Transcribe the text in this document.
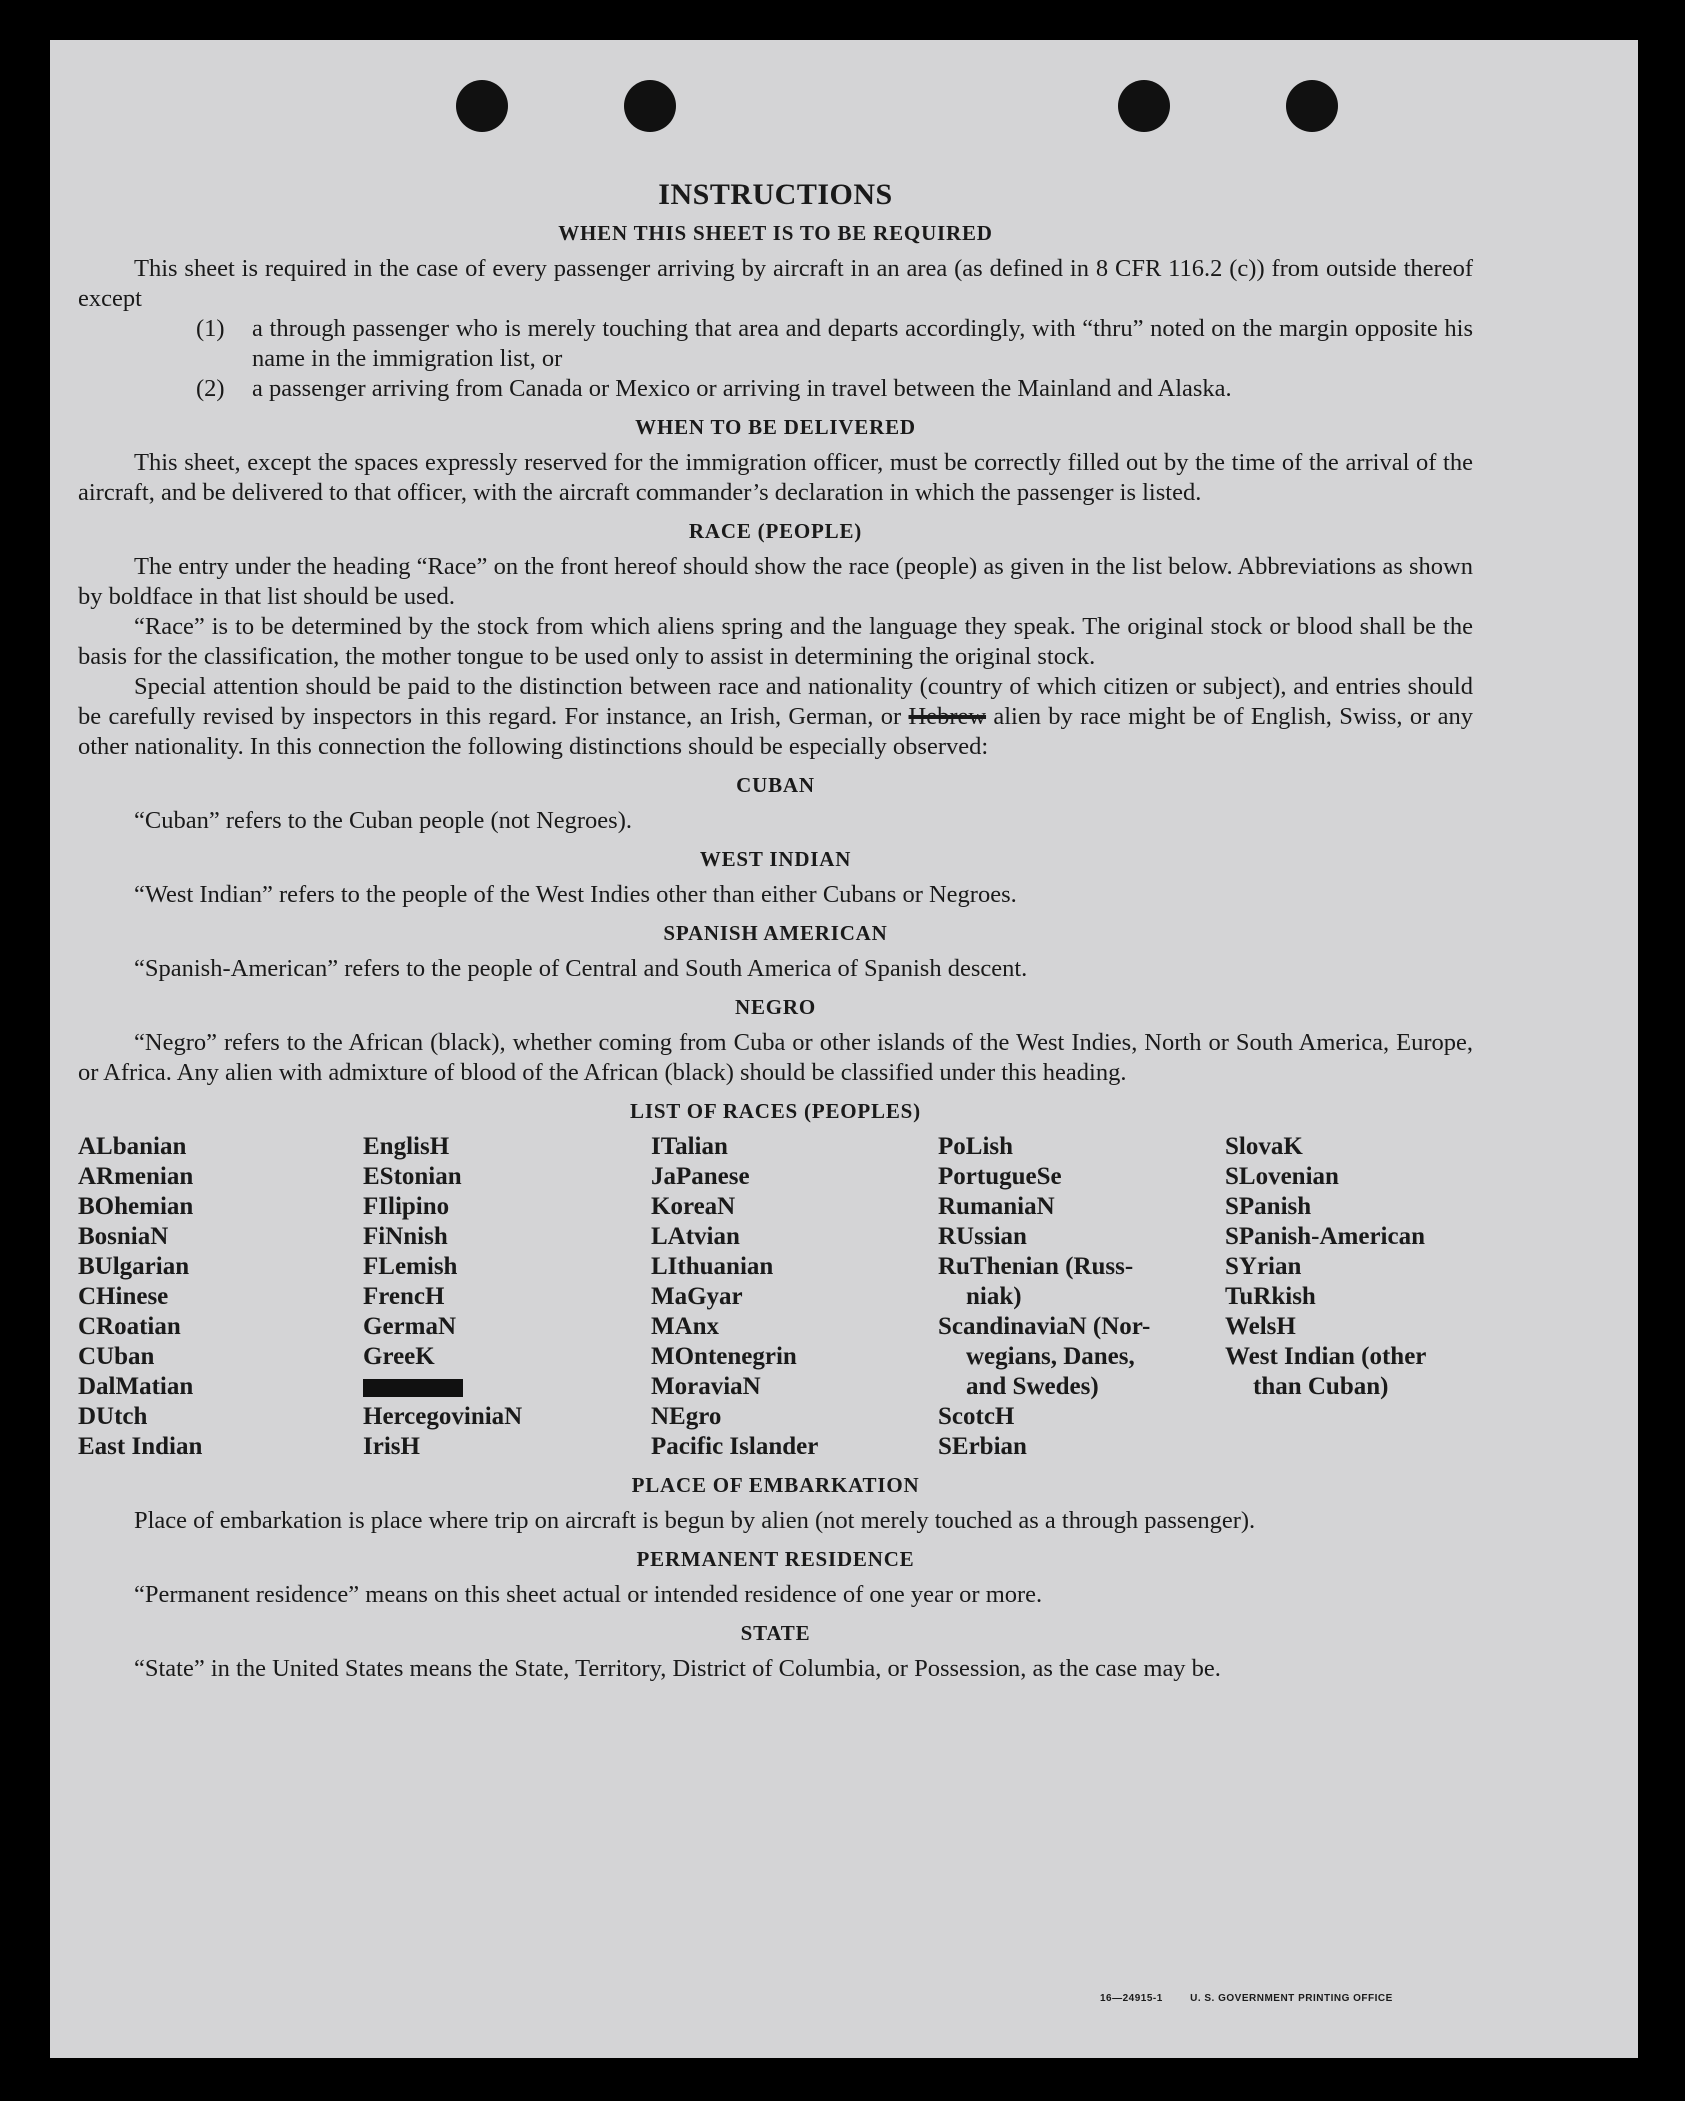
INSTRUCTIONS
WHEN THIS SHEET IS TO BE REQUIRED

This sheet is required in the case of every passenger arriving by aircraft in an area (as defined in 8 CFR 116.2 (c)) from outside thereof except

(1)	a through passenger who is merely touching that area and departs accordingly, with “thru” noted on the margin opposite his name in the immigration list, or
(2)	a passenger arriving from Canada or Mexico or arriving in travel between the Mainland and Alaska.
WHEN TO BE DELIVERED

This sheet, except the spaces expressly reserved for the immigration officer, must be correctly filled out by the time of the arrival of the aircraft, and be delivered to that officer, with the aircraft commander’s declaration in which the passenger is listed.

RACE (PEOPLE)

The entry under the heading “Race” on the front hereof should show the race (people) as given in the list below. Abbreviations as shown by boldface in that list should be used.

“Race” is to be determined by the stock from which aliens spring and the language they speak. The original stock or blood shall be the basis for the classification, the mother tongue to be used only to assist in determining the original stock.

Special attention should be paid to the distinction between race and nationality (country of which citizen or subject), and entries should be carefully revised by inspectors in this regard. For instance, an Irish, German, or Hebrew alien by race might be of English, Swiss, or any other nationality. In this connection the following distinctions should be especially observed:

CUBAN

“Cuban” refers to the Cuban people (not Negroes).

WEST INDIAN

“West Indian” refers to the people of the West Indies other than either Cubans or Negroes.

SPANISH AMERICAN

“Spanish-American” refers to the people of Central and South America of Spanish descent.

NEGRO

“Negro” refers to the African (black), whether coming from Cuba or other islands of the West Indies, North or South America, Europe, or Africa. Any alien with admixture of blood of the African (black) should be classified under this heading.

LIST OF RACES (PEOPLES)
ALbanian
ARmenian
BOhemian
BosniaN
BUlgarian
CHinese
CRoatian
CUban
DalMatian
DUtch
East Indian
EnglisH
EStonian
FIlipino
FiNnish
FLemish
FrencH
GermaN
GreeK
HercegoviniaN
IrisH
ITalian
JaPanese
KoreaN
LAtvian
LIthuanian
MaGyar
MAnx
MOntenegrin
MoraviaN
NEgro
Pacific Islander
PoLish
PortugueSe
RumaniaN
RUssian
RuThenian (Russ-
niak)
ScandinaviaN (Nor-
wegians, Danes,
and Swedes)
ScotcH
SErbian
SlovaK
SLovenian
SPanish
SPanish-American
SYrian
TuRkish
WelsH
West Indian (other
than Cuban)
PLACE OF EMBARKATION

Place of embarkation is place where trip on aircraft is begun by alien (not merely touched as a through passenger).

PERMANENT RESIDENCE

“Permanent residence” means on this sheet actual or intended residence of one year or more.

STATE

“State” in the United States means the State, Territory, District of Columbia, or Possession, as the case may be.

16—24915-1	U. S. GOVERNMENT PRINTING OFFICE
